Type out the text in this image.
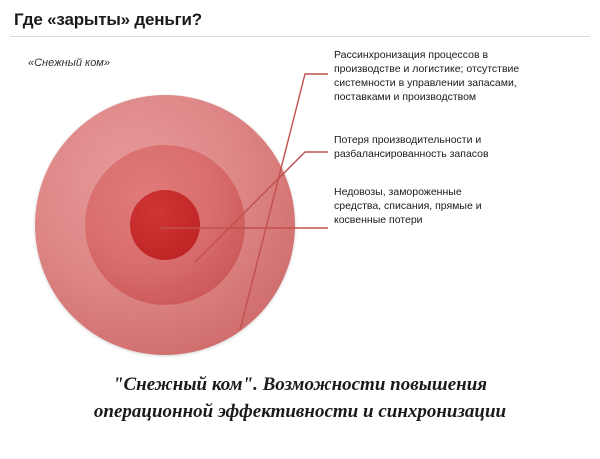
Где «зарыты» деньги?
«Снежный ком»
Рассинхронизация процессов в производстве и логистике; отсутствие системности в управлении запасами, поставками и производством
Потеря производительности и разбалансированность запасов
Недовозы, замороженные средства, списания, прямые и косвенные потери
"Снежный ком". Возможности повышения
операционной эффективности и синхронизации
